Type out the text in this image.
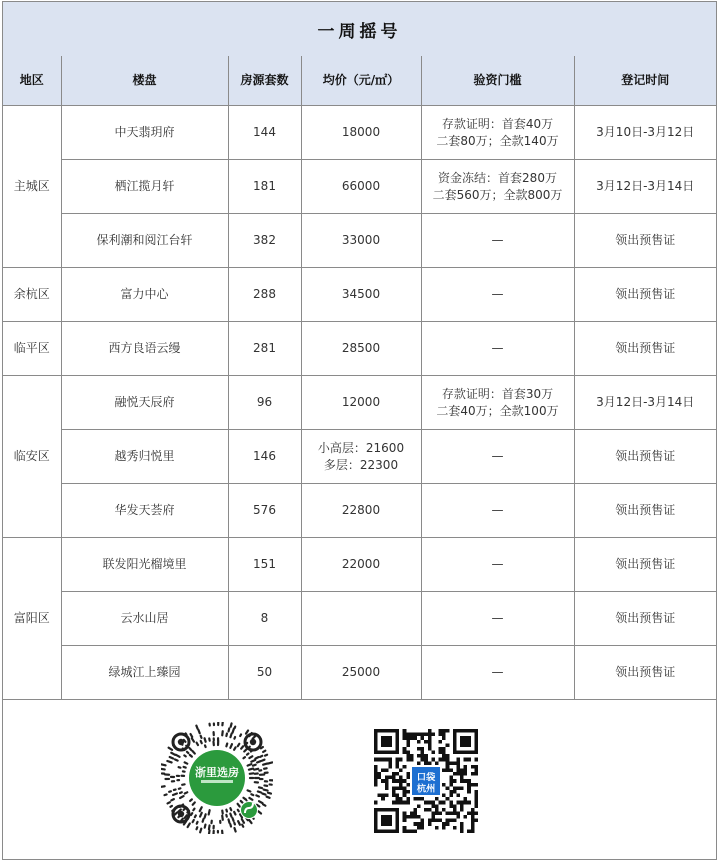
一周摇号
地区	楼盘	房源套数	均价（元/㎡）	验资门槛	登记时间
主城区	中天翡玥府	144	18000	存款证明：首套40万
二套80万；全款140万	3月10日-3月12日
	栖江揽月轩	181	66000	资金冻结：首套280万
二套560万；全款800万	3月12日-3月14日
	保利潮和阅江台轩	382	33000	—	领出预售证
余杭区	富力中心	288	34500	—	领出预售证
临平区	西方良语云缦	281	28500	—	领出预售证
临安区	融悦天辰府	96	12000	存款证明：首套30万
二套40万；全款100万	3月12日-3月14日
	越秀归悦里	146	小高层：21600
多层：22300	—	领出预售证
	华发天荟府	576	22800	—	领出预售证
富阳区	联发阳光榴境里	151	22000	—	领出预售证
	云水山居	8		—	领出预售证
	绿城江上臻园	50	25000	—	领出预售证
浙里选房	口袋
杭州
